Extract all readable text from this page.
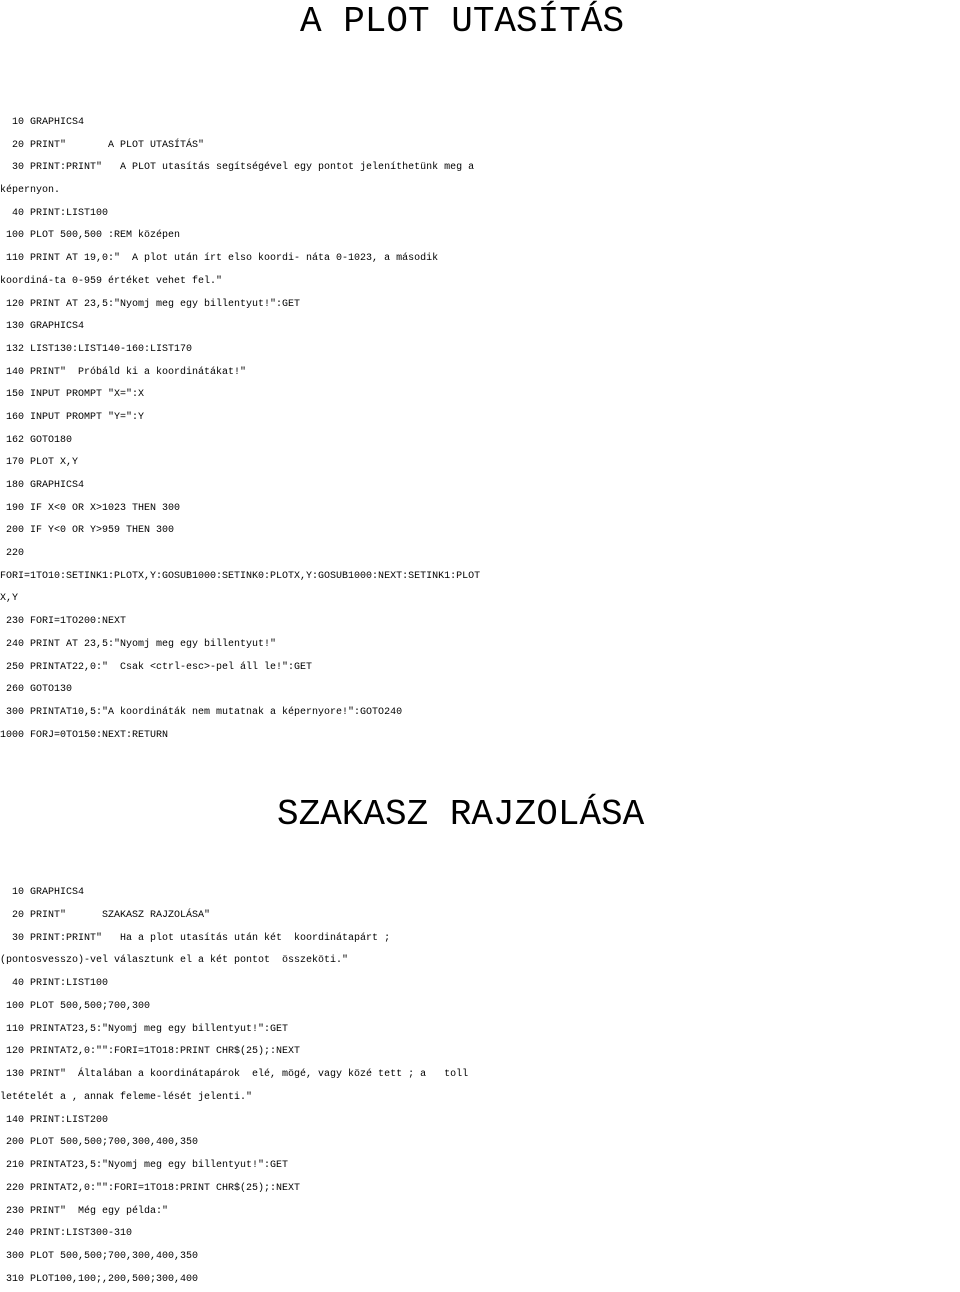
A PLOT UTASÍTÁS
10 GRAPHICS4
20 PRINT"       A PLOT UTASÍTÁS"
30 PRINT:PRINT"   A PLOT utasítás segítségével egy pontot jeleníthetünk meg a
képernyon.
40 PRINT:LIST100
100 PLOT 500,500 :REM középen
110 PRINT AT 19,0:"  A plot után írt elso koordi- náta 0-1023, a második
koordiná-ta 0-959 értéket vehet fel."
120 PRINT AT 23,5:"Nyomj meg egy billentyut!":GET
130 GRAPHICS4
132 LIST130:LIST140-160:LIST170
140 PRINT"  Próbáld ki a koordinátákat!"
150 INPUT PROMPT "X=":X
160 INPUT PROMPT "Y=":Y
162 GOTO180
170 PLOT X,Y
180 GRAPHICS4
190 IF X<0 OR X>1023 THEN 300
200 IF Y<0 OR Y>959 THEN 300
220
FORI=1TO10:SETINK1:PLOTX,Y:GOSUB1000:SETINK0:PLOTX,Y:GOSUB1000:NEXT:SETINK1:PLOT
X,Y
230 FORI=1TO200:NEXT
240 PRINT AT 23,5:"Nyomj meg egy billentyut!"
250 PRINTAT22,0:"  Csak <ctrl-esc>-pel áll le!":GET
260 GOTO130
300 PRINTAT10,5:"A koordináták nem mutatnak a képernyore!":GOTO240
1000 FORJ=0TO150:NEXT:RETURN
SZAKASZ RAJZOLÁSA
10 GRAPHICS4
20 PRINT"      SZAKASZ RAJZOLÁSA"
30 PRINT:PRINT"   Ha a plot utasítás után két  koordinátapárt ;
(pontosvesszo)-vel választunk el a két pontot  összeköti."
40 PRINT:LIST100
100 PLOT 500,500;700,300
110 PRINTAT23,5:"Nyomj meg egy billentyut!":GET
120 PRINTAT2,0:"":FORI=1TO18:PRINT CHR$(25);:NEXT
130 PRINT"  Általában a koordinátapárok  elé, mögé, vagy közé tett ; a   toll
letételét a , annak feleme-lését jelenti."
140 PRINT:LIST200
200 PLOT 500,500;700,300,400,350
210 PRINTAT23,5:"Nyomj meg egy billentyut!":GET
220 PRINTAT2,0:"":FORI=1TO18:PRINT CHR$(25);:NEXT
230 PRINT"  Még egy példa:"
240 PRINT:LIST300-310
300 PLOT 500,500;700,300,400,350
310 PLOT100,100;,200,500;300,400
